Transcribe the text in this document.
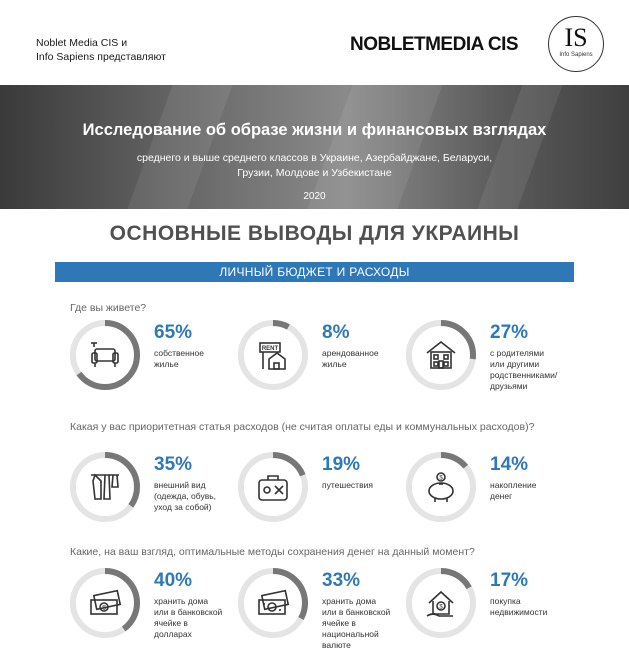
Noblet Media CIS и
Info Sapiens представляют
NOBLETMEDIA CIS	IS
Info Sapiens
Исследование об образе жизни и финансовых взглядах
среднего и выше среднего классов в Украине, Азербайджане, Беларуси, Грузии, Молдове и Узбекистане
2020
ОСНОВНЫЕ ВЫВОДЫ ДЛЯ УКРАИНЫ
ЛИЧНЫЙ БЮДЖЕТ И РАСХОДЫ
Где вы живете?
Какая у вас приоритетная статья расходов (не считая оплаты еды и коммунальных расходов)?
Какие, на ваш взгляд, оптимальные методы сохранения денег на данный момент?
65%
собственное
жилье
RENT
8%
арендованное
жилье
27%
с родителями
или другими
родственниками/
друзьями
35%
внешний вид
(одежда, обувь,
уход за собой)
19%
путешествия
$
14%
накопление
денег
$
40%
хранить дома
или в банковской
ячейке в
долларах
33%
хранить дома
или в банковской
ячейке в
национальной
валюте
$
17%
покупка
недвижимости
